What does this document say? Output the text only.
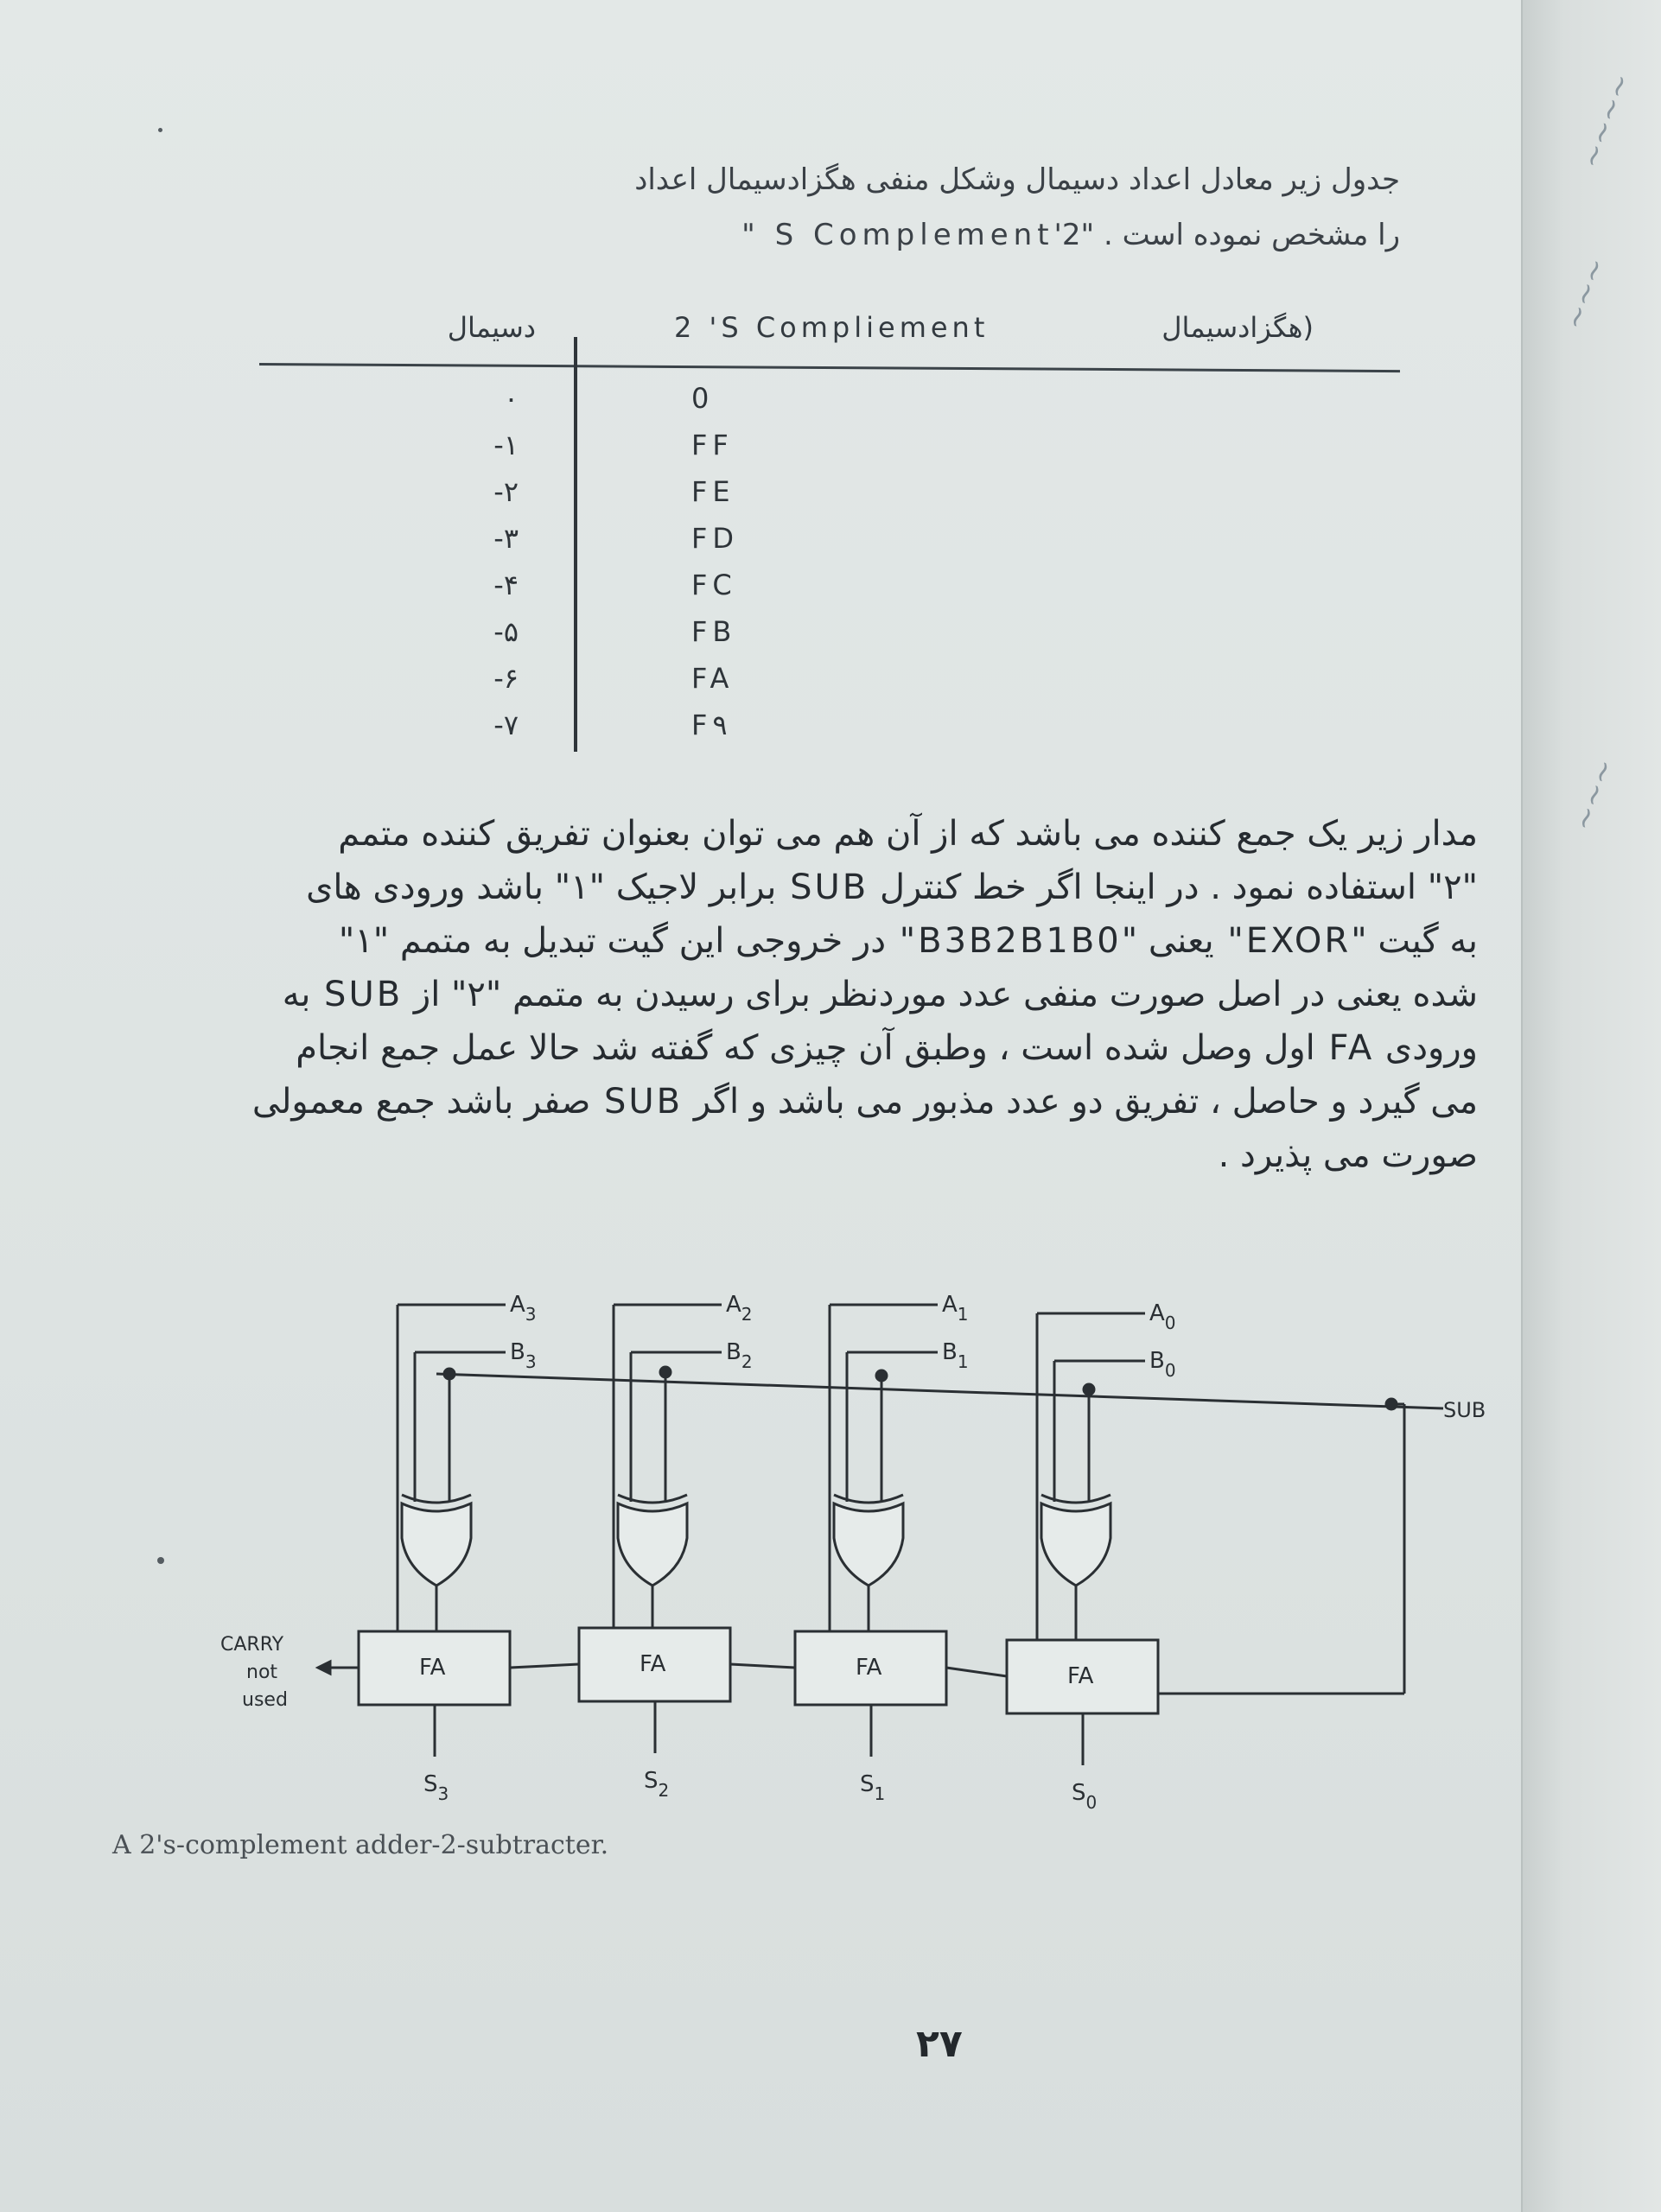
~~~~
~~~
~~~
جدول زیر معادل اعداد دسیمال وشکل منفی هگزادسیمال اعداد
را مشخص نموده است . "2'S Complement "
دسیمال	2 'S Compliement	(هگزادسیمال
۰	0
-۱	FF
-۲	FE
-۳	FD
-۴	FC
-۵	FB
-۶	FA
-۷	F۹
مدار زیر یک جمع کننده می باشد که از آن هم می توان بعنوان تفریق کننده متمم
"۲" استفاده نمود . در اینجا اگر خط کنترل SUB برابر لاجیک "۱" باشد ورودی های
به گیت "EXOR" یعنی "B3B2B1B0" در خروجی این گیت تبدیل به متمم "۱"
شده یعنی در اصل صورت منفی عدد موردنظر برای رسیدن به متمم "۲" از SUB به
ورودی FA اول وصل شده است ، وطبق آن چیزی که گفته شد حالا عمل جمع انجام
می گیرد و حاصل ، تفریق دو عدد مذبور می باشد و اگر SUB صفر باشد جمع معمولی
صورت می پذیرد .
SUB
$A_3$
$B_3$
FA
$S_3$
$A_2$
$B_2$
FA
$S_2$
$A_1$
$B_1$
FA
$S_1$
$A_0$
$B_0$
FA
$S_0$
CARRY
not
used
A 2's-complement adder-2-subtracter.
۲۷
